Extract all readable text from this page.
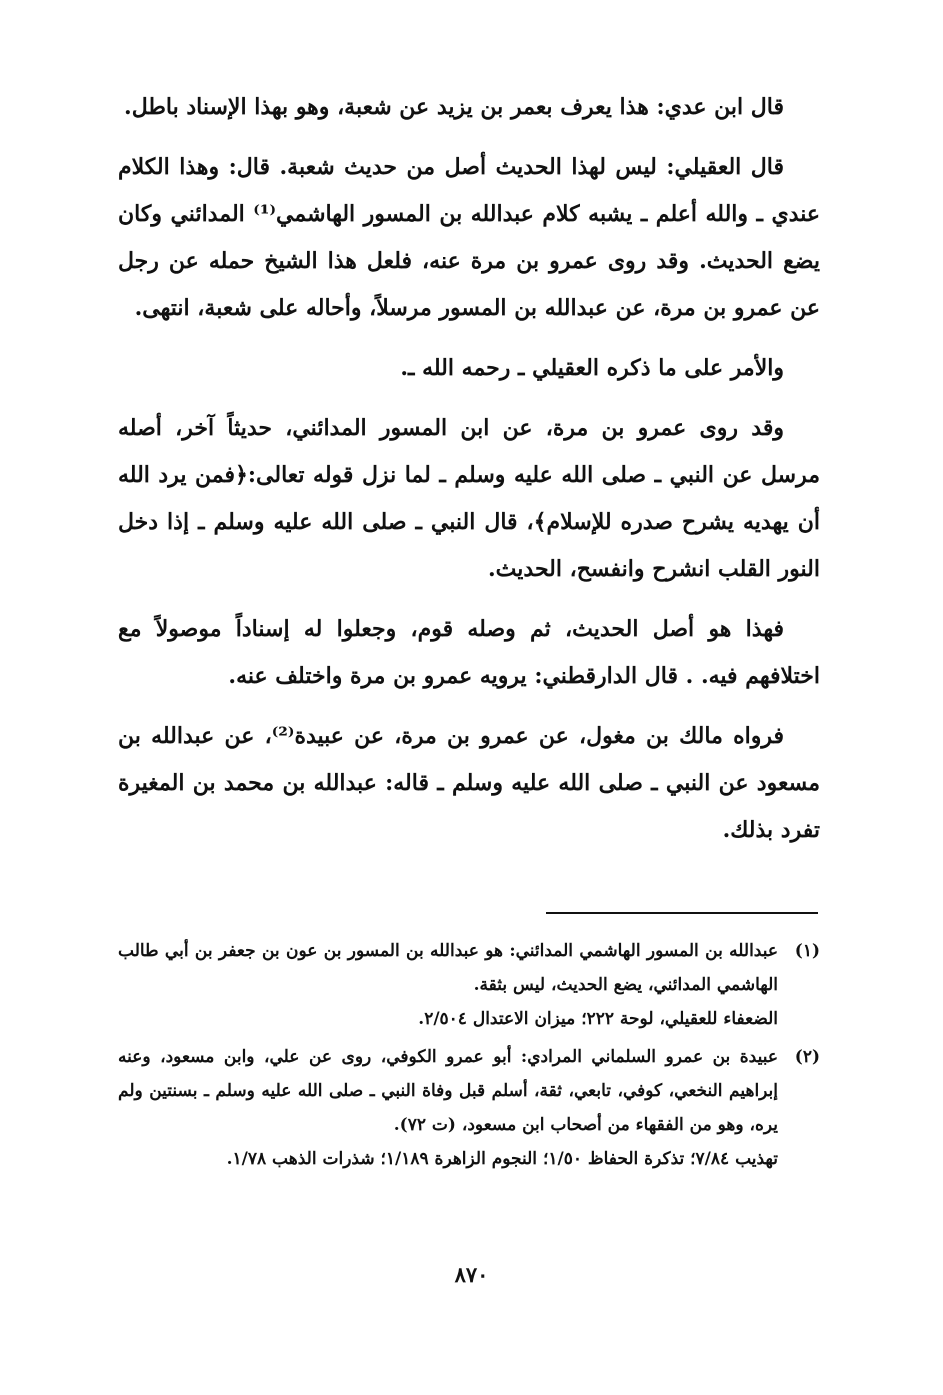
قال ابن عدي: هذا يعرف بعمر بن يزيد عن شعبة، وهو بهذا الإسناد باطل.

قال العقيلي: ليس لهذا الحديث أصل من حديث شعبة. قال: وهذا الكلام عندي ـ والله أعلم ـ يشبه كلام عبدالله بن المسور الهاشمي⁽¹⁾ المدائني وكان يضع الحديث. وقد روى عمرو بن مرة عنه، فلعل هذا الشيخ حمله عن رجل عن عمرو بن مرة، عن عبدالله بن المسور مرسلاً، وأحاله على شعبة، انتهى.

والأمر على ما ذكره العقيلي ـ رحمه الله ـ.

وقد روى عمرو بن مرة، عن ابن المسور المدائني، حديثاً آخر، أصله مرسل عن النبي ـ صلى الله عليه وسلم ـ لما نزل قوله تعالى:﴿فمن يرد الله أن يهديه يشرح صدره للإسلام﴾، قال النبي ـ صلى الله عليه وسلم ـ إذا دخل النور القلب انشرح وانفسح، الحديث.

فهذا هو أصل الحديث، ثم وصله قوم، وجعلوا له إسناداً موصولاً مع اختلافهم فيه. . قال الدارقطني: يرويه عمرو بن مرة واختلف عنه.

فرواه مالك بن مغول، عن عمرو بن مرة، عن عبيدة⁽²⁾، عن عبدالله بن مسعود عن النبي ـ صلى الله عليه وسلم ـ قاله: عبدالله بن محمد بن المغيرة تفرد بذلك.

(١)
عبدالله بن المسور الهاشمي المدائني: هو عبدالله بن المسور بن عون بن جعفر بن أبي طالب الهاشمي المدائني، يضع الحديث، ليس بثقة.
الضعفاء للعقيلي، لوحة ٢٢٢؛ ميزان الاعتدال ٢/٥٠٤.
(٢)
عبيدة بن عمرو السلماني المرادي: أبو عمرو الكوفي، روى عن علي، وابن مسعود، وعنه إبراهيم النخعي، كوفي، تابعي، ثقة، أسلم قبل وفاة النبي ـ صلى الله عليه وسلم ـ بسنتين ولم يره، وهو من الفقهاء من أصحاب ابن مسعود، (ت ٧٢).
تهذيب ٧/٨٤؛ تذكرة الحفاظ ١/٥٠؛ النجوم الزاهرة ١/١٨٩؛ شذرات الذهب ١/٧٨.
٨٧٠
